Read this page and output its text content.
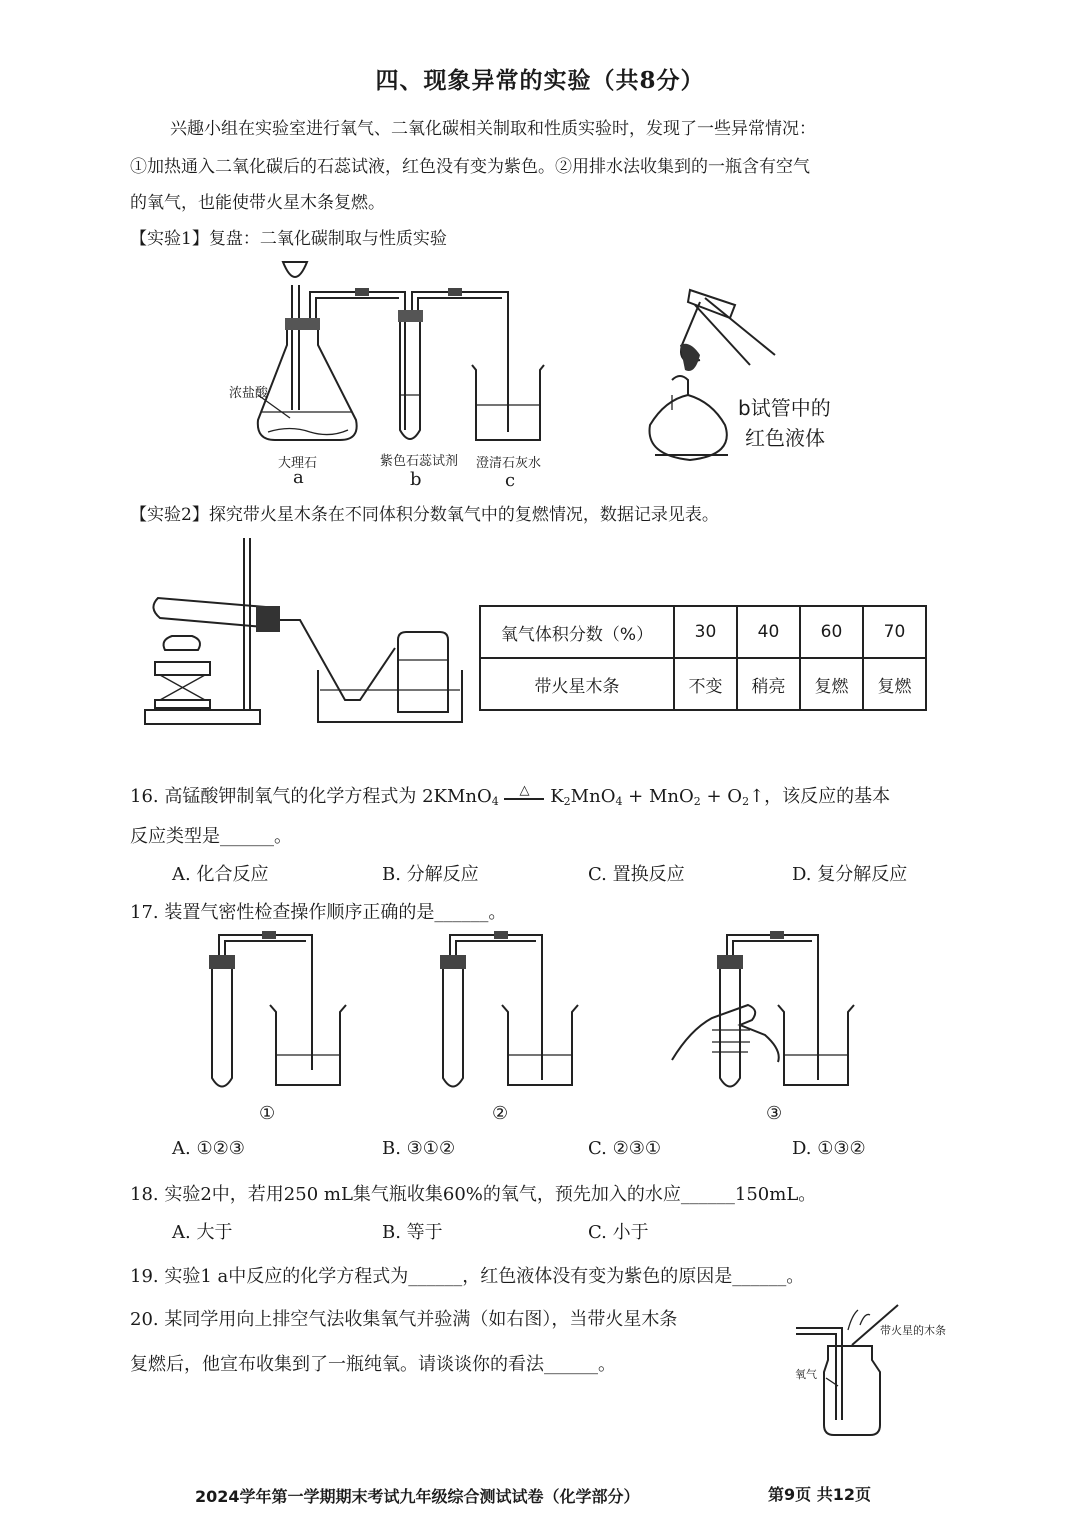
四、现象异常的实验（共8分）
兴趣小组在实验室进行氧气、二氧化碳相关制取和性质实验时，发现了一些异常情况：
①加热通入二氧化碳后的石蕊试液，红色没有变为紫色。②用排水法收集到的一瓶含有空气
的氧气，也能使带火星木条复燃。
【实验1】复盘：二氧化碳制取与性质实验
浓盐酸
大理石	紫色石蕊试剂 澄清石灰水
a	b	c
b试管中的
红色液体
【实验2】探究带火星木条在不同体积分数氧气中的复燃情况，数据记录见表。
氧气体积分数（%）	30	40	60	70
带火星木条	不变	稍亮	复燃	复燃
16. 高锰酸钾制氧气的化学方程式为 2KMnO$_4$ △ $K_2MnO_4 + MnO_2$ + $O_2↑$，该反应的基本
反应类型是______。
A. 化合反应	B. 分解反应	C. 置换反应	D. 复分解反应
17. 装置气密性检查操作顺序正确的是______。
①	②	③
A. ①②③	B. ③①②	C. ②③①	D. ①③②
18. 实验2中，若用250 mL集气瓶收集60%的氧气，预先加入的水应______150mL。
A. 大于	B. 等于	C. 小于
19. 实验1 a中反应的化学方程式为______，红色液体没有变为紫色的原因是______。
20. 某同学用向上排空气法收集氧气并验满（如右图），当带火星木条
复燃后，他宣布收集到了一瓶纯氧。请谈谈你的看法______。
带火星的木条
氧气
2024学年第一学期期末考试九年级综合测试试卷（化学部分）	第9页 共12页
